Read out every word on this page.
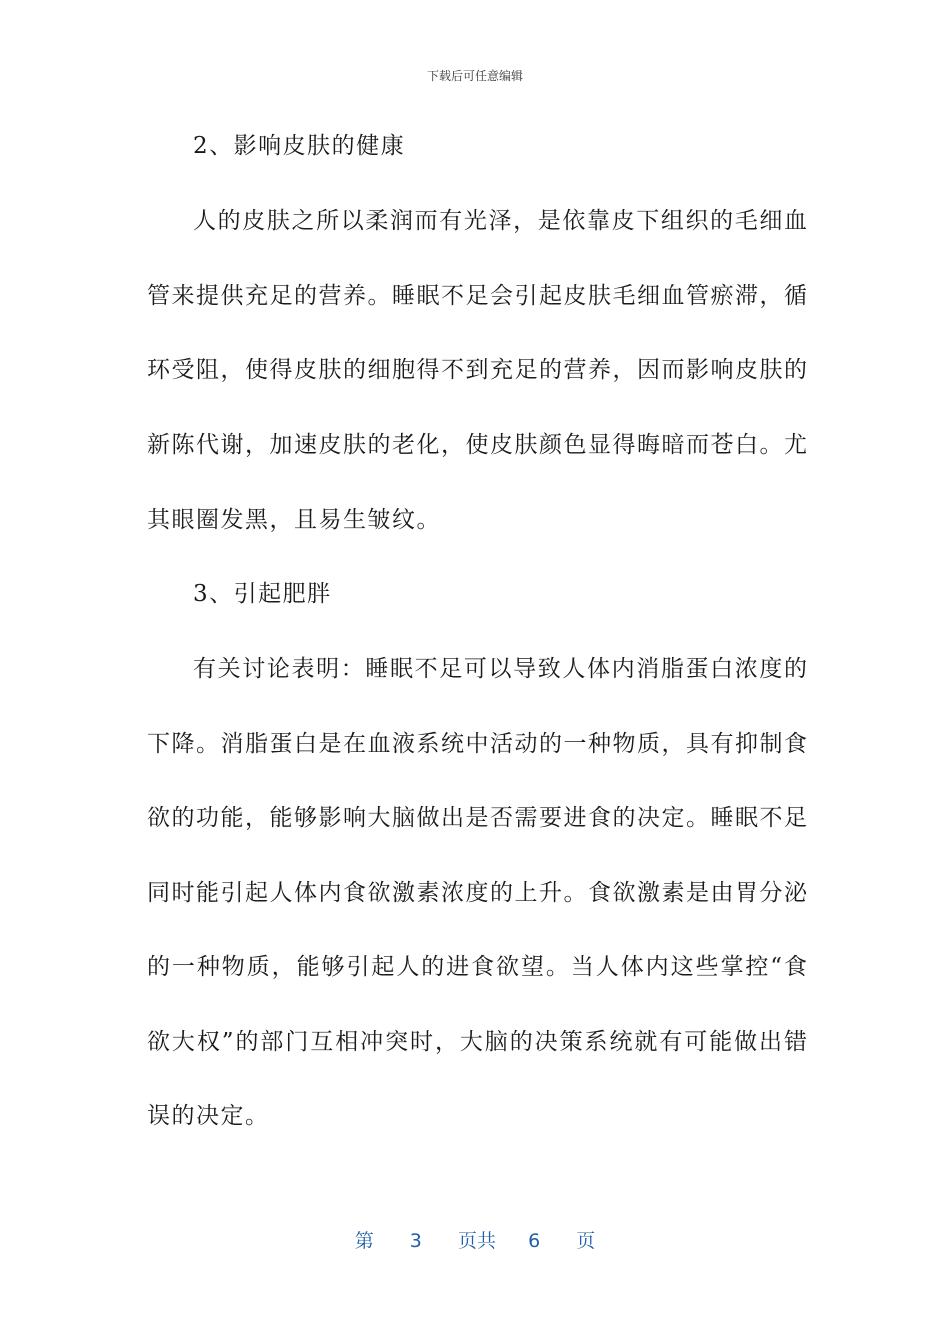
下载后可任意编辑
2、影响皮肤的健康
人的皮肤之所以柔润而有光泽，是依靠皮下组织的毛细血
管来提供充足的营养。睡眠不足会引起皮肤毛细血管瘀滞，循
环受阻，使得皮肤的细胞得不到充足的营养，因而影响皮肤的
新陈代谢，加速皮肤的老化，使皮肤颜色显得晦暗而苍白。尤
其眼圈发黑，且易生皱纹。
3、引起肥胖
有关讨论表明：睡眠不足可以导致人体内消脂蛋白浓度的
下降。消脂蛋白是在血液系统中活动的一种物质，具有抑制食
欲的功能，能够影响大脑做出是否需要进食的决定。睡眠不足
同时能引起人体内食欲激素浓度的上升。食欲激素是由胃分泌
的一种物质，能够引起人的进食欲望。当人体内这些掌控“食
欲大权”的部门互相冲突时，大脑的决策系统就有可能做出错
误的决定。
第 3 页共 6 页
